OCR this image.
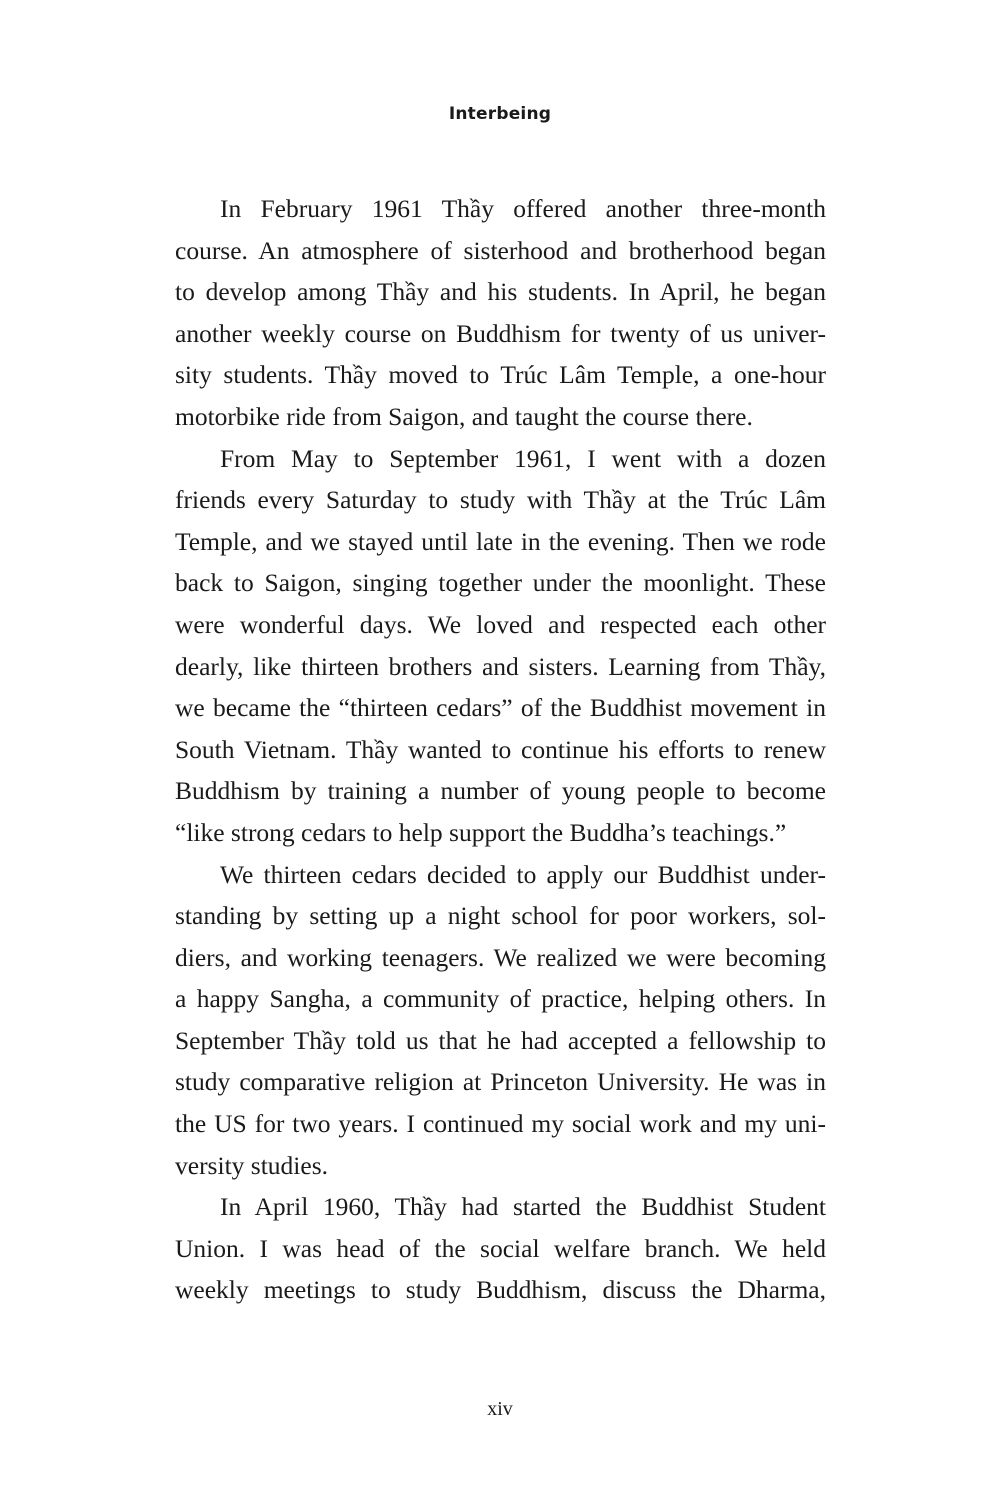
Interbeing
In February 1961 Thầy offered another three-month
course. An atmosphere of sisterhood and brotherhood began
to develop among Thầy and his students. In April, he began
another weekly course on Buddhism for twenty of us univer-
sity students. Thầy moved to Trúc Lâm Temple, a one-hour
motorbike ride from Saigon, and taught the course there.
From May to September 1961, I went with a dozen
friends every Saturday to study with Thầy at the Trúc Lâm
Temple, and we stayed until late in the evening. Then we rode
back to Saigon, singing together under the moonlight. These
were wonderful days. We loved and respected each other
dearly, like thirteen brothers and sisters. Learning from Thầy,
we became the “thirteen cedars” of the Buddhist movement in
South Vietnam. Thầy wanted to continue his efforts to renew
Buddhism by training a number of young people to become
“like strong cedars to help support the Buddha’s teachings.”
We thirteen cedars decided to apply our Buddhist under-
standing by setting up a night school for poor workers, sol-
diers, and working teenagers. We realized we were becoming
a happy Sangha, a community of practice, helping others. In
September Thầy told us that he had accepted a fellowship to
study comparative religion at Princeton University. He was in
the US for two years. I continued my social work and my uni-
versity studies.
In April 1960, Thầy had started the Buddhist Student
Union. I was head of the social welfare branch. We held
weekly meetings to study Buddhism, discuss the Dharma,
xiv
